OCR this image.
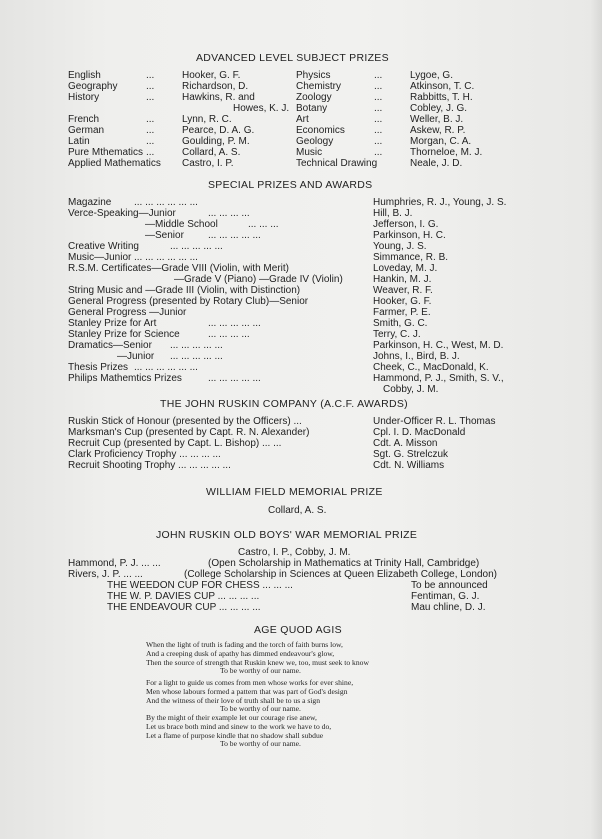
ADVANCED LEVEL SUBJECT PRIZES
English
Geography
History

French
German
Latin
Pure Mthematics
Applied Mathematics
...
...
...

...
...
...
...

Hooker, G. F.
Richardson, D.
Hawkins, R. and
Howes, K. J.
Lynn, R. C.
Pearce, D. A. G.
Goulding, P. M.
Collard, A. S.
Castro, I. P.
Physics
Chemistry
Zoology
Botany
Art
Economics
Geology
Music
Technical Drawing
...
...
...
...
...
...
...
...
Lygoe, G.
Atkinson, T. C.
Rabbitts, T. H.
Cobley, J. G.
Weller, B. J.
Askew, R. P.
Morgan, C. A.
Thorneloe, M. J.
Neale, J. D.
SPECIAL PRIZES AND AWARDS
Magazine
Verce-Speaking—Junior
—Middle School
—Senior
Creative Writing
Music—Junior
R.S.M. Certificates—Grade VIII (Violin, with Merit)
—Grade V (Piano) —Grade IV (Violin)
String Music and —Grade III (Violin, with Distinction)
General Progress (presented by Rotary Club)—Senior
General Progress —Junior
Stanley Prize for Art
Stanley Prize for Science
Dramatics—Senior
—Junior
Thesis Prizes
Philips Mathemtics Prizes

... ... ... ... ... ...
... ... ... ...
... ... ...
... ... ... ... ...
... ... ... ... ...
... ... ... ... ... ...

... ... ... ... ...
... ... ... ...
... ... ... ... ...
... ... ... ... ...
... ... ... ... ... ...
... ... ... ... ...
Humphries, R. J., Young, J. S.
Hill, B. J.
Jefferson, I. G.
Parkinson, H. C.
Young, J. S.
Simmance, R. B.
Loveday, M. J.
Hankin, M. J.
Weaver, R. F.
Hooker, G. F.
Farmer, P. E.
Smith, G. C.
Terry, C. J.
Parkinson, H. C., West, M. D.
Johns, I., Bird, B. J.
Cheek, C., MacDonald, K.
Hammond, P. J., Smith, S. V.,
Cobby, J. M.
THE JOHN RUSKIN COMPANY (A.C.F. AWARDS)
Ruskin Stick of Honour (presented by the Officers) ...
Marksman's Cup (presented by Capt. R. N. Alexander)
Recruit Cup (presented by Capt. L. Bishop) ... ...
Clark Proficiency Trophy ... ... ... ...
Recruit Shooting Trophy ... ... ... ... ...
Under-Officer R. L. Thomas
Cpl. I. D. MacDonald
Cdt. A. Misson
Sgt. G. Strelczuk
Cdt. N. Williams
WILLIAM FIELD MEMORIAL PRIZE
Collard, A. S.
JOHN RUSKIN OLD BOYS' WAR MEMORIAL PRIZE
Castro, I. P., Cobby, J. M.
Hammond, P. J. ... ...
Rivers, J. P. ... ...
(Open Scholarship in Mathematics at Trinity Hall, Cambridge)
(College Scholarship in Sciences at Queen Elizabeth College, London)
THE WEEDON CUP FOR CHESS ... ... ...
THE W. P. DAVIES CUP ... ... ... ...
THE ENDEAVOUR CUP ... ... ... ...
To be announced
Fentiman, G. J.
Mau chline, D. J.
AGE QUOD AGIS
When the light of truth is fading and the torch of faith burns low,
And a creeping dusk of apathy has dimmed endeavour's glow,
Then the source of strength that Ruskin knew we, too, must seek to know
To be worthy of our name.
For a light to guide us comes from men whose works for ever shine,
Men whose labours formed a pattern that was part of God's design
And the witness of their love of truth shall be to us a sign
To be worthy of our name.
By the might of their example let our courage rise anew,
Let us brace both mind and sinew to the work we have to do,
Let a flame of purpose kindle that no shadow shall subdue
To be worthy of our name.
